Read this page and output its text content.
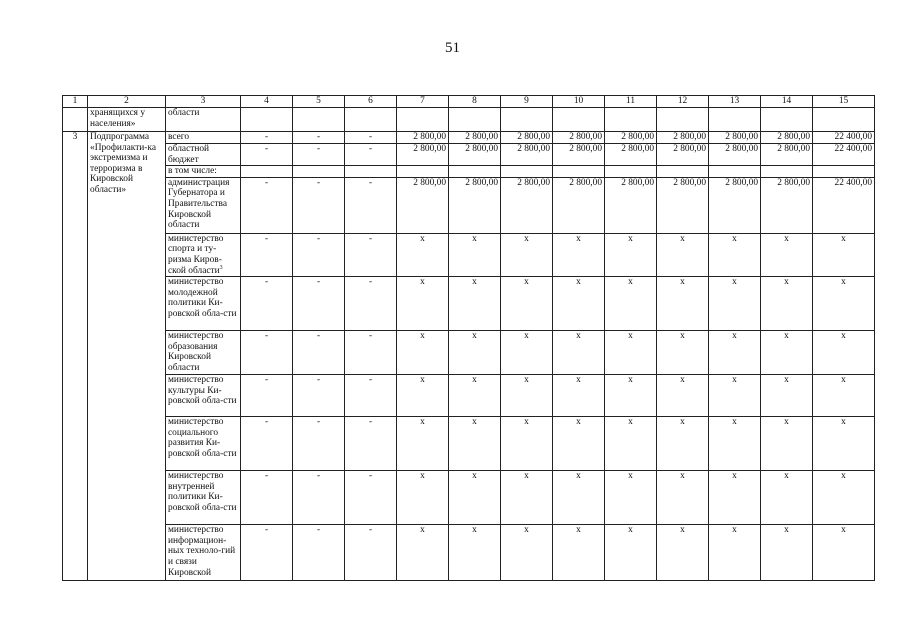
51
1	2	3	4	5	6	7	8	9	10	11	12	13	14	15
	хранящихся у населения»	области												
3	Подпрограмма «Профилакти-ка экстремизма и терроризма в Кировской области»	всего	-	-	-	2 800,00	2 800,00	2 800,00	2 800,00	2 800,00	2 800,00	2 800,00	2 800,00	22 400,00
		областной бюджет	-	-	-	2 800,00	2 800,00	2 800,00	2 800,00	2 800,00	2 800,00	2 800,00	2 800,00	22 400,00
		в том числе:												
		администрация Губернатора и Правительства Кировской области	-	-	-	2 800,00	2 800,00	2 800,00	2 800,00	2 800,00	2 800,00	2 800,00	2 800,00	22 400,00
		министерство спорта и ту-ризма Киров-ской области$^3$	-	-	-	x	x	x	x	x	x	x	x	x
		министерство молодежной политики Ки-ровской обла-сти	-	-	-	x	x	x	x	x	x	x	x	x
		министерство образования Кировской области	-	-	-	x	x	x	x	x	x	x	x	x
		министерство культуры Ки-ровской обла-сти	-	-	-	x	x	x	x	x	x	x	x	x
		министерство социального развития Ки-ровской обла-сти	-	-	-	x	x	x	x	x	x	x	x	x
		министерство внутренней политики Ки-ровской обла-сти	-	-	-	x	x	x	x	x	x	x	x	x
		министерство информацион-ных техноло-гий и связи Кировской	-	-	-	x	x	x	x	x	x	x	x	x
